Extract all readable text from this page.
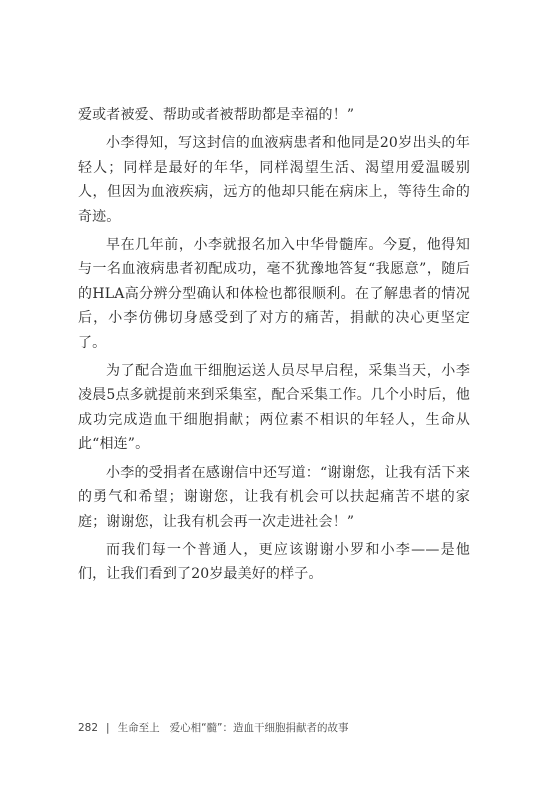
爱或者被爱、帮助或者被帮助都是幸福的！”

小李得知，写这封信的血液病患者和他同是20岁出头的年轻人；同样是最好的年华，同样渴望生活、渴望用爱温暖别人，但因为血液疾病，远方的他却只能在病床上，等待生命的奇迹。

早在几年前，小李就报名加入中华骨髓库。今夏，他得知与一名血液病患者初配成功，毫不犹豫地答复“我愿意”，随后的HLA高分辨分型确认和体检也都很顺利。在了解患者的情况后，小李仿佛切身感受到了对方的痛苦，捐献的决心更坚定了。

为了配合造血干细胞运送人员尽早启程，采集当天，小李凌晨5点多就提前来到采集室，配合采集工作。几个小时后，他成功完成造血干细胞捐献；两位素不相识的年轻人，生命从此“相连”。

小李的受捐者在感谢信中还写道：“谢谢您，让我有活下来的勇气和希望；谢谢您，让我有机会可以扶起痛苦不堪的家庭；谢谢您，让我有机会再一次走进社会！”

而我们每一个普通人，更应该谢谢小罗和小李——是他们，让我们看到了20岁最美好的样子。

282 | 生命至上 爱心相“髓”：造血干细胞捐献者的故事
